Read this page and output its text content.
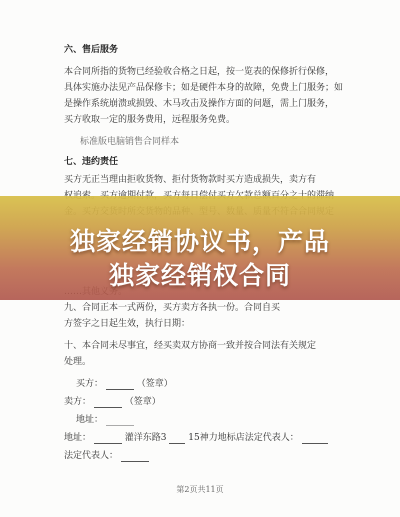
六、售后服务
本合同所指的货物已经验收合格之日起，按一览表的保修折行保修，
具体实施办法见产品保修卡；如是硬件本身的故障，免费上门服务；如
是操作系统崩溃或损毁、木马攻击及操作方面的问题，需上门服务，
买方收取一定的服务费用，远程服务免费。
标准版电脑销售合同样本
七、违约责任
买方无正当理由拒收货物、拒付货物款时买方造成损失，卖方有
九、合同正本一式两份，买方卖方各执一份。合同自买
方签字之日起生效，执行日期：
十、本合同未尽事宜，经买卖双方协商一致并按合同法有关规定
处理。
买方：	（签章）
卖方：	（签章）
地址：
地址：	灌洋东路3 15神力地标店法定代表人：
法定代表人：
第2页共11页
独家经销协议书，产品
独家经销权合同
